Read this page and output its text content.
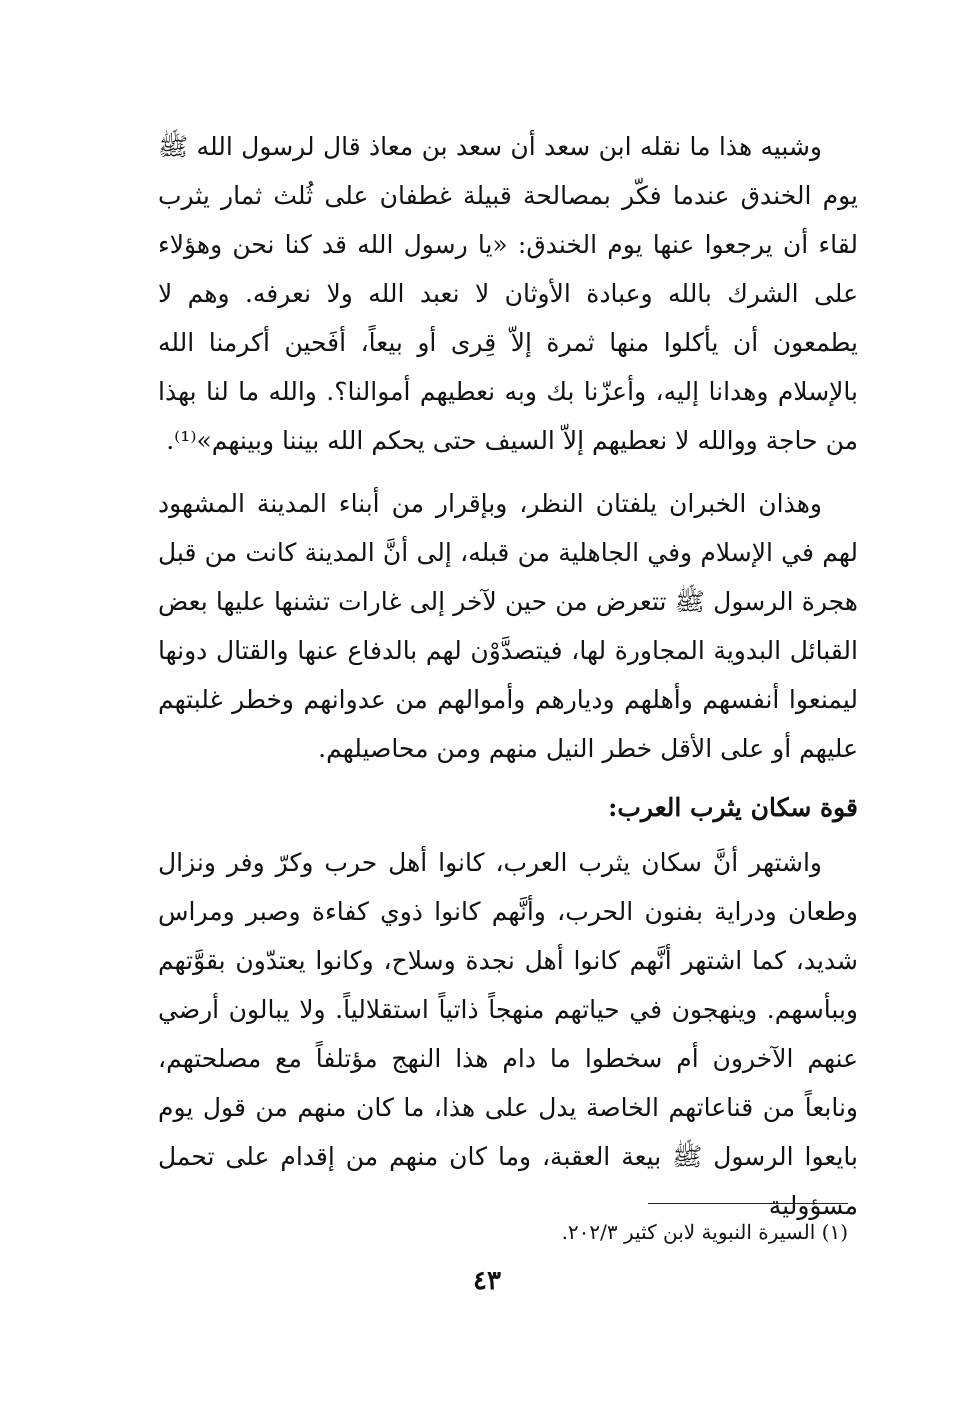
وشبيه هذا ما نقله ابن سعد أن سعد بن معاذ قال لرسول الله ﷺ يوم الخندق عندما فكّر بمصالحة قبيلة غطفان على ثُلث ثمار يثرب لقاء أن يرجعوا عنها يوم الخندق: «يا رسول الله قد كنا نحن وهؤلاء على الشرك بالله وعبادة الأوثان لا نعبد الله ولا نعرفه. وهم لا يطمعون أن يأكلوا منها ثمرة إلاّ قِرى أو بيعاً، أفَحين أكرمنا الله بالإسلام وهدانا إليه، وأعزّنا بك وبه نعطيهم أموالنا؟. والله ما لنا بهذا من حاجة ووالله لا نعطيهم إلاّ السيف حتى يحكم الله بيننا وبينهم»⁽¹⁾.

وهذان الخبران يلفتان النظر، وبإقرار من أبناء المدينة المشهود لهم في الإسلام وفي الجاهلية من قبله، إلى أنَّ المدينة كانت من قبل هجرة الرسول ﷺ تتعرض من حين لآخر إلى غارات تشنها عليها بعض القبائل البدوية المجاورة لها، فيتصدَّوْن لهم بالدفاع عنها والقتال دونها ليمنعوا أنفسهم وأهلهم وديارهم وأموالهم من عدوانهم وخطر غلبتهم عليهم أو على الأقل خطر النيل منهم ومن محاصيلهم.

قوة سكان يثرب العرب:

واشتهر أنَّ سكان يثرب العرب، كانوا أهل حرب وكرّ وفر ونزال وطعان ودراية بفنون الحرب، وأنَّهم كانوا ذوي كفاءة وصبر ومراس شديد، كما اشتهر أنَّهم كانوا أهل نجدة وسلاح، وكانوا يعتدّون بقوَّتهم وببأسهم. وينهجون في حياتهم منهجاً ذاتياً استقلالياً. ولا يبالون أرضي عنهم الآخرون أم سخطوا ما دام هذا النهج مؤتلفاً مع مصلحتهم، ونابعاً من قناعاتهم الخاصة يدل على هذا، ما كان منهم من قول يوم بايعوا الرسول ﷺ بيعة العقبة، وما كان منهم من إقدام على تحمل مسؤولية

(١) السيرة النبوية لابن كثير ٢٠٢/٣.
٤٣
